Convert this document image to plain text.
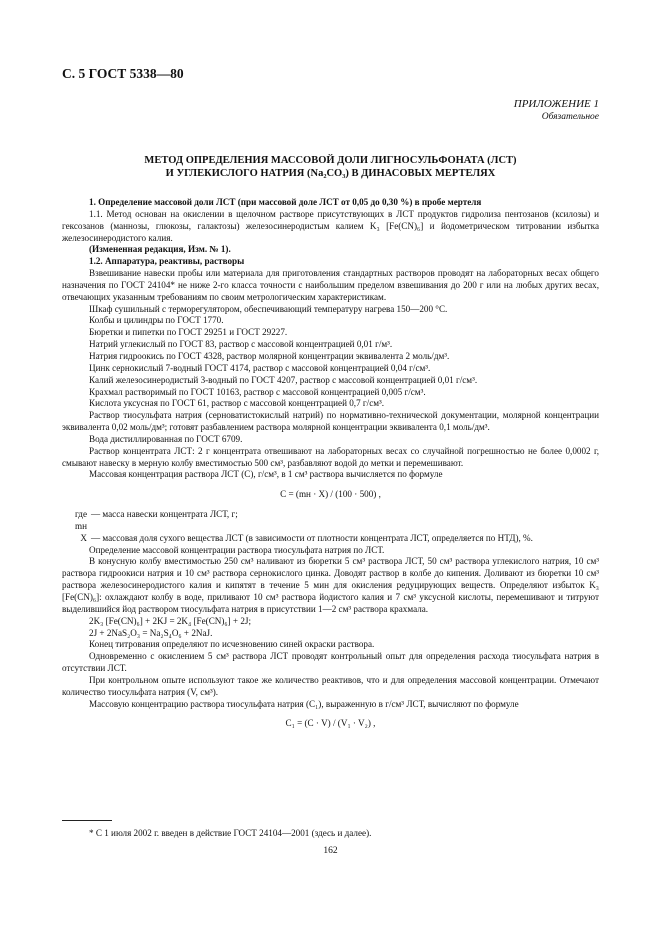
С. 5 ГОСТ 5338—80
ПРИЛОЖЕНИЕ 1
Обязательное
МЕТОД ОПРЕДЕЛЕНИЯ МАССОВОЙ ДОЛИ ЛИГНОСУЛЬФОНАТА (ЛСТ)
И УГЛЕКИСЛОГО НАТРИЯ (Na₂CO₃) В ДИНАСОВЫХ МЕРТЕЛЯХ

1. Определение массовой доли ЛСТ (при массовой доле ЛСТ от 0,05 до 0,30 %) в пробе мертеля

1.1. Метод основан на окислении в щелочном растворе присутствующих в ЛСТ продуктов гидролиза пентозанов (ксилозы) и гексозанов (маннозы, глюкозы, галактозы) железосинеродистым калием K₃ [Fe(CN)₆] и йодометрическом титровании избытка железосинеродистого калия.

(Измененная редакция, Изм. № 1).

1.2. Аппаратура, реактивы, растворы

Взвешивание навески пробы или материала для приготовления стандартных растворов проводят на лабораторных весах общего назначения по ГОСТ 24104* не ниже 2-го класса точности с наибольшим пределом взвешивания до 200 г или на любых других весах, отвечающих указанным требованиям по своим метрологическим характеристикам.

Шкаф сушильный с терморегулятором, обеспечивающий температуру нагрева 150—200 °С.

Колбы и цилиндры по ГОСТ 1770.

Бюретки и пипетки по ГОСТ 29251 и ГОСТ 29227.

Натрий углекислый по ГОСТ 83, раствор с массовой концентрацией 0,01 г/м³.

Натрия гидроокись по ГОСТ 4328, раствор молярной концентрации эквивалента 2 моль/дм³.

Цинк сернокислый 7-водный ГОСТ 4174, раствор с массовой концентрацией 0,04 г/см³.

Калий железосинеродистый 3-водный по ГОСТ 4207, раствор с массовой концентрацией 0,01 г/см³.

Крахмал растворимый по ГОСТ 10163, раствор с массовой концентрацией 0,005 г/см³.

Кислота уксусная по ГОСТ 61, раствор с массовой концентрацией 0,7 г/см³.

Раствор тиосульфата натрия (серноватистокислый натрий) по нормативно-технической документации, молярной концентрации эквивалента 0,02 моль/дм³; готовят разбавлением раствора молярной концентрации эквивалента 0,1 моль/дм³.

Вода дистиллированная по ГОСТ 6709.

Раствор концентрата ЛСТ: 2 г концентрата отвешивают на лабораторных весах со случайной погрешностью не более 0,0002 г, смывают навеску в мерную колбу вместимостью 500 см³, разбавляют водой до метки и перемешивают.

Массовая концентрация раствора ЛСТ (С), г/см³, в 1 см³ раствора вычисляется по формуле

C = (mн · X) / (100 · 500) ,

где mн
— масса навески концентрата ЛСТ, г;
X — массовая доля сухого вещества ЛСТ (в зависимости от плотности концентрата ЛСТ, определяется по НТД), %.

Определение массовой концентрации раствора тиосульфата натрия по ЛСТ.

В конусную колбу вместимостью 250 см³ наливают из бюретки 5 см³ раствора ЛСТ, 50 см³ раствора углекислого натрия, 10 см³ раствора гидроокиси натрия и 10 см³ раствора сернокислого цинка. Доводят раствор в колбе до кипения. Доливают из бюретки 10 см³ раствора железосинеродистого калия и кипятят в течение 5 мин для окисления редуцирующих веществ. Определяют избыток K₃ [Fe(CN)₆]: охлаждают колбу в воде, приливают 10 см³ раствора йодистого калия и 7 см³ уксусной кислоты, перемешивают и титруют выделившийся йод раствором тиосульфата натрия в присутствии 1—2 см³ раствора крахмала.

2K₃ [Fe(CN)₆] + 2KJ = 2K₄ [Fe(CN)₆] + 2J;

2J + 2NaS₂O₃ = Na₂S₄O₆ + 2NaJ.

Конец титрования определяют по исчезновению синей окраски раствора.

Одновременно с окислением 5 см³ раствора ЛСТ проводят контрольный опыт для определения расхода тиосульфата натрия в отсутствии ЛСТ.

При контрольном опыте используют такое же количество реактивов, что и для определения массовой концентрации. Отмечают количество тиосульфата натрия (V, см³).

Массовую концентрацию раствора тиосульфата натрия (C₁), выраженную в г/см³ ЛСТ, вычисляют по формуле

C₁ = (C · V) / (V₁ · V₂) ,

* С 1 июля 2002 г. введен в действие ГОСТ 24104—2001 (здесь и далее).
162
